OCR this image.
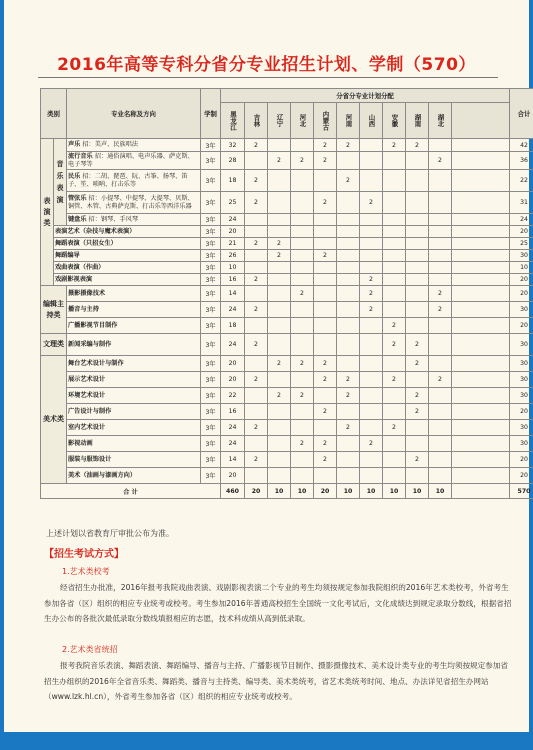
2016年高等专科分省分专业招生计划、学制（570）
类别		专业名称及方向	学制	分省分专业计划分配											合计
				黑龙江	吉林	辽宁	河北	内蒙古	河南	山西	安徽	湖南	湖北		
表演类	音乐表演	声乐 招：美声、民族唱法	3年	32	2			2	2		2	2			42
		流行音乐 招：通俗演唱、电声乐器、萨克斯、电子琴等	3年	28		2	2	2					2		36
		民乐 招：二胡、琵琶、阮、古筝、扬琴、笛子、笙、唢呐、打击乐等	3年	18	2				2						22
		管弦乐 招：小提琴、中提琴、大提琴、贝斯、铜管、木管、古典萨克斯、打击乐等西洋乐器	3年	25	2			2		2					31
		键盘乐 招：钢琴、手风琴	3年	24											24
	表演艺术（杂技与魔术表演）		3年	20											20
	舞蹈表演（只招女生）		3年	21	2	2									25
	舞蹈编导		3年	26		2		2							30
	戏曲表演（作曲）		3年	10											10
	戏剧影视表演		3年	16	2					2					20
编辑主持类		摄影摄像技术	3年	14			2			2			2		20
		播音与主持	3年	24	2					2			2		30
		广播影视节目制作	3年	18							2				20
文理类		新闻采编与制作	3年	24	2						2	2			30
美术类		舞台艺术设计与制作	3年	20		2	2	2				2			30
		展示艺术设计	3年	20	2			2	2		2		2		30
		环境艺术设计	3年	22		2	2		2			2			30
		广告设计与制作	3年	16				2				2			20
		室内艺术设计	3年	24	2				2		2				30
		影视动画	3年	24			2	2		2					30
		服装与服饰设计	3年	14	2			2				2			20
		美术（油画与漆画方向）	3年	20											20
合 计				460	20	10	10	20	10	10	10	10	10		570
上述计划以省教育厅审批公布为准。
【招生考试方式】
1.艺术类校考
经省招生办批准，2016年报考我院戏曲表演、戏剧影视表演二个专业的考生均须按规定参加我院组织的2016年艺术类校考，外省考生参加各省（区）组织的相应专业统考或校考。考生参加2016年普通高校招生全国统一文化考试后，文化成绩达到规定录取分数线，根据省招生办公布的各批次最低录取分数线填报相应的志愿，技术科成绩从高到低录取。
2.艺术类省统招
报考我院音乐表演、舞蹈表演、舞蹈编导、播音与主持、广播影视节目制作、摄影摄像技术、美术设计类专业的考生均须按规定参加省招生办组织的2016年全省音乐类、舞蹈类、播音与主持类、编导类、美术类统考，省艺术类统考时间、地点、办法详见省招生办网站（www.lzk.hl.cn），外省考生参加各省（区）组织的相应专业统考或校考。
